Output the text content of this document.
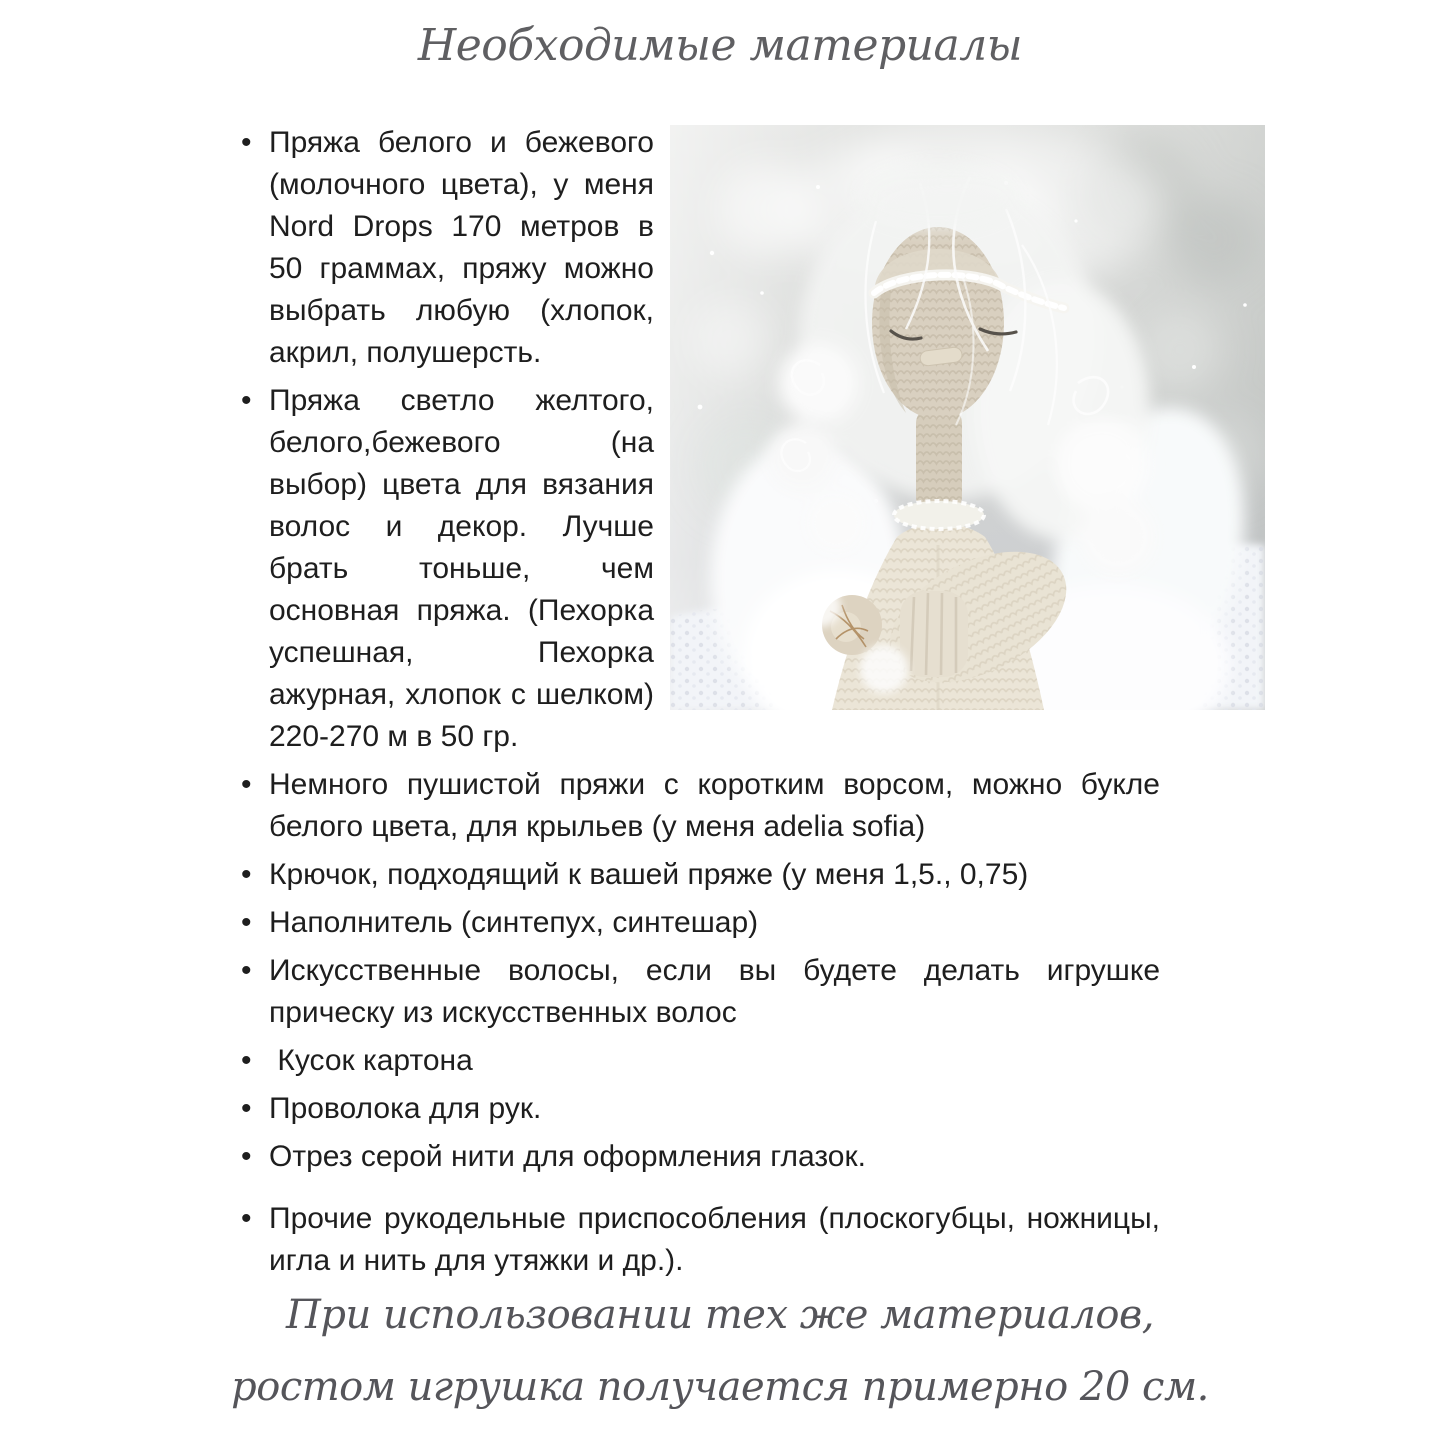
Необходимые материалы
• Пряжа белого и бежевого (молочного цвета), у меня Nord Drops 170 метров в 50 граммах, пряжу можно выбрать любую (хлопок, акрил, полушерсть.
• Пряжа светло желтого, белого,бежевого (на выбор) цвета для вязания волос и декор. Лучше брать тоньше, чем основная пряжа. (Пехорка успешная, Пехорка ажурная, хлопок с шелком) 220-270 м в 50 гр.
• Немного пушистой пряжи с коротким ворсом, можно букле белого цвета, для крыльев (у меня adelia sofia)
• Крючок, подходящий к вашей пряже (у меня 1,5., 0,75)
• Наполнитель (синтепух, синтешар)
• Искусственные волосы, если вы будете делать игрушке прическу из искусственных волос
• Кусок картона
• Проволока для рук.
• Отрез серой нити для оформления глазок.
• Прочие рукодельные приспособления (плоскогубцы, ножницы, игла и нить для утяжки и др.).

При использовании тех же материалов,

ростом игрушка получается примерно 20 см.
